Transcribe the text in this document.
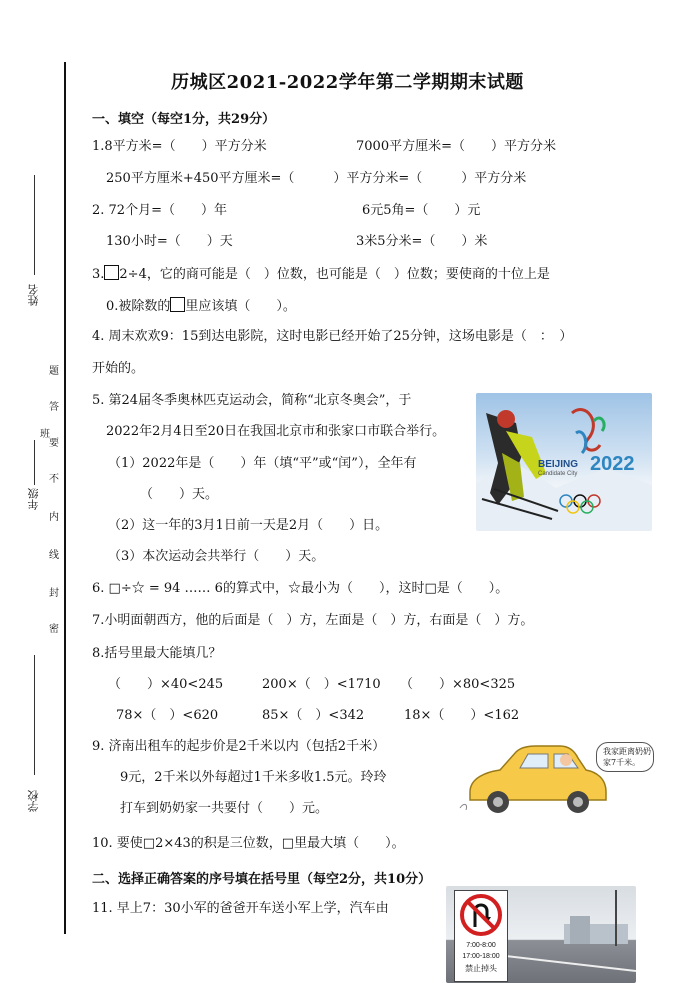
姓名
班
年级
学校
题
答
要
不
内
线
封
密
历城区2021-2022学年第二学期期末试题
一、填空（每空1分，共29分）
1.8平方米=（　　）平方分米	7000平方厘米=（　　）平方分米
250平方厘米+450平方厘米=（　　　）平方分米=（　　　）平方分米
2. 72个月=（　　）年	6元5角=（　　）元
130小时=（　　）天	3米5分米=（　　）米
3. 2÷4，它的商可能是（　）位数，也可能是（　）位数；要使商的十位上是
0.被除数的 里应该填（　　）。
4. 周末欢欢9：15到达电影院，这时电影已经开始了25分钟，这场电影是（　：　）
开始的。
5. 第24届冬季奥林匹克运动会，简称“北京冬奥会”，于
2022年2月4日至20日在我国北京市和张家口市联合举行。
（1）2022年是（　　）年（填“平”或“闰”），全年有
（　　）天。
（2）这一年的3月1日前一天是2月（　　）日。
（3）本次运动会共举行（　　）天。
BEIJING
Candidate City 2022
6. □÷☆ = 94 …… 6的算式中，☆最小为（　　），这时□是（　　）。
7.小明面朝西方，他的后面是（　）方，左面是（　）方，右面是（　）方。
8.括号里最大能填几？
（　　）×40<245	200×（　）<1710 （　　）×80<325
78×（　）<620	85×（　）<342	18×（　　）<162
9. 济南出租车的起步价是2千米以内（包括2千米）
9元，2千米以外每超过1千米多收1.5元。玲玲
打车到奶奶家一共要付（　　）元。
我家距离奶奶家7千米。
10. 要使□2×43的积是三位数，□里最大填（　　）。
二、选择正确答案的序号填在括号里（每空2分，共10分）
11. 早上7：30小军的爸爸开车送小军上学，汽车由
7:00-8:00
17:00-18:00
禁止掉头
